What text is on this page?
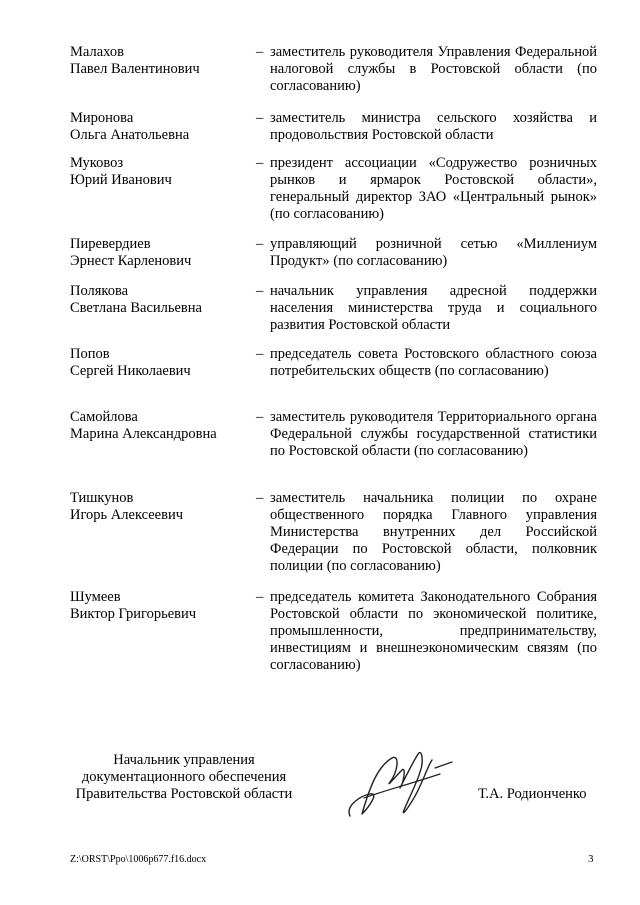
Малахов
Павел Валентинович
– заместитель руководителя Управления Федеральной налоговой службы в Ростовской области (по согласованию)
Миронова
Ольга Анатольевна
– заместитель министра сельского хозяйства и продовольствия Ростовской области
Муковоз
Юрий Иванович
– президент ассоциации «Содружество розничных рынков и ярмарок Ростовской области», генеральный директор ЗАО «Центральный рынок» (по согласованию)
Пиревердиев
Эрнест Карленович
– управляющий розничной сетью «Миллениум Продукт» (по согласованию)
Полякова
Светлана Васильевна
– начальник управления адресной поддержки населения министерства труда и социального развития Ростовской области
Попов
Сергей Николаевич
– председатель совета Ростовского областного союза потребительских обществ (по согласованию)
Самойлова
Марина Александровна
– заместитель руководителя Территориального органа Федеральной службы государственной статистики по Ростовской области (по согласованию)
Тишкунов
Игорь Алексеевич
– заместитель начальника полиции по охране общественного порядка Главного управления Министерства внутренних дел Российской Федерации по Ростовской области, полковник полиции (по согласованию)
Шумеев
Виктор Григорьевич
– председатель комитета Законодательного Собрания Ростовской области по экономической политике, промышленности, предпринимательству, инвестициям и внешнеэкономическим связям (по согласованию)
Начальник управления
документационного обеспечения
Правительства Ростовской области	Т.А. Родионченко
Z:\ORST\Ppo\1006p677.f16.docx	3
